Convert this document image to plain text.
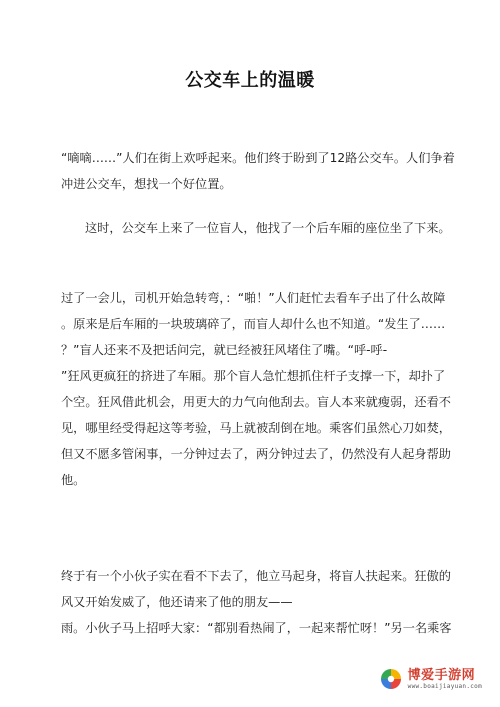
公交车上的温暖

“嘀嘀……”人们在街上欢呼起来。他们终于盼到了12路公交车。人们争着
冲进公交车，想找一个好位置。

这时，公交车上来了一位盲人，他找了一个后车厢的座位坐了下来。

过了一会儿，司机开始急转弯，：“啪！”人们赶忙去看车子出了什么故障
。原来是后车厢的一块玻璃碎了，而盲人却什么也不知道。“发生了……
？”盲人还来不及把话问完，就已经被狂风堵住了嘴。“呼-呼-
”狂风更疯狂的挤进了车厢。那个盲人急忙想抓住杆子支撑一下，却扑了
个空。狂风借此机会，用更大的力气向他刮去。盲人本来就瘦弱，还看不
见，哪里经受得起这等考验，马上就被刮倒在地。乘客们虽然心刀如焚，
但又不愿多管闲事，一分钟过去了，两分钟过去了，仍然没有人起身帮助
他。

终于有一个小伙子实在看不下去了，他立马起身，将盲人扶起来。狂傲的
风又开始发威了，他还请来了他的朋友——
雨。小伙子马上招呼大家：“都别看热闹了，一起来帮忙呀！”另一名乘客

博爱手游网
www.boaijiayuan.com
